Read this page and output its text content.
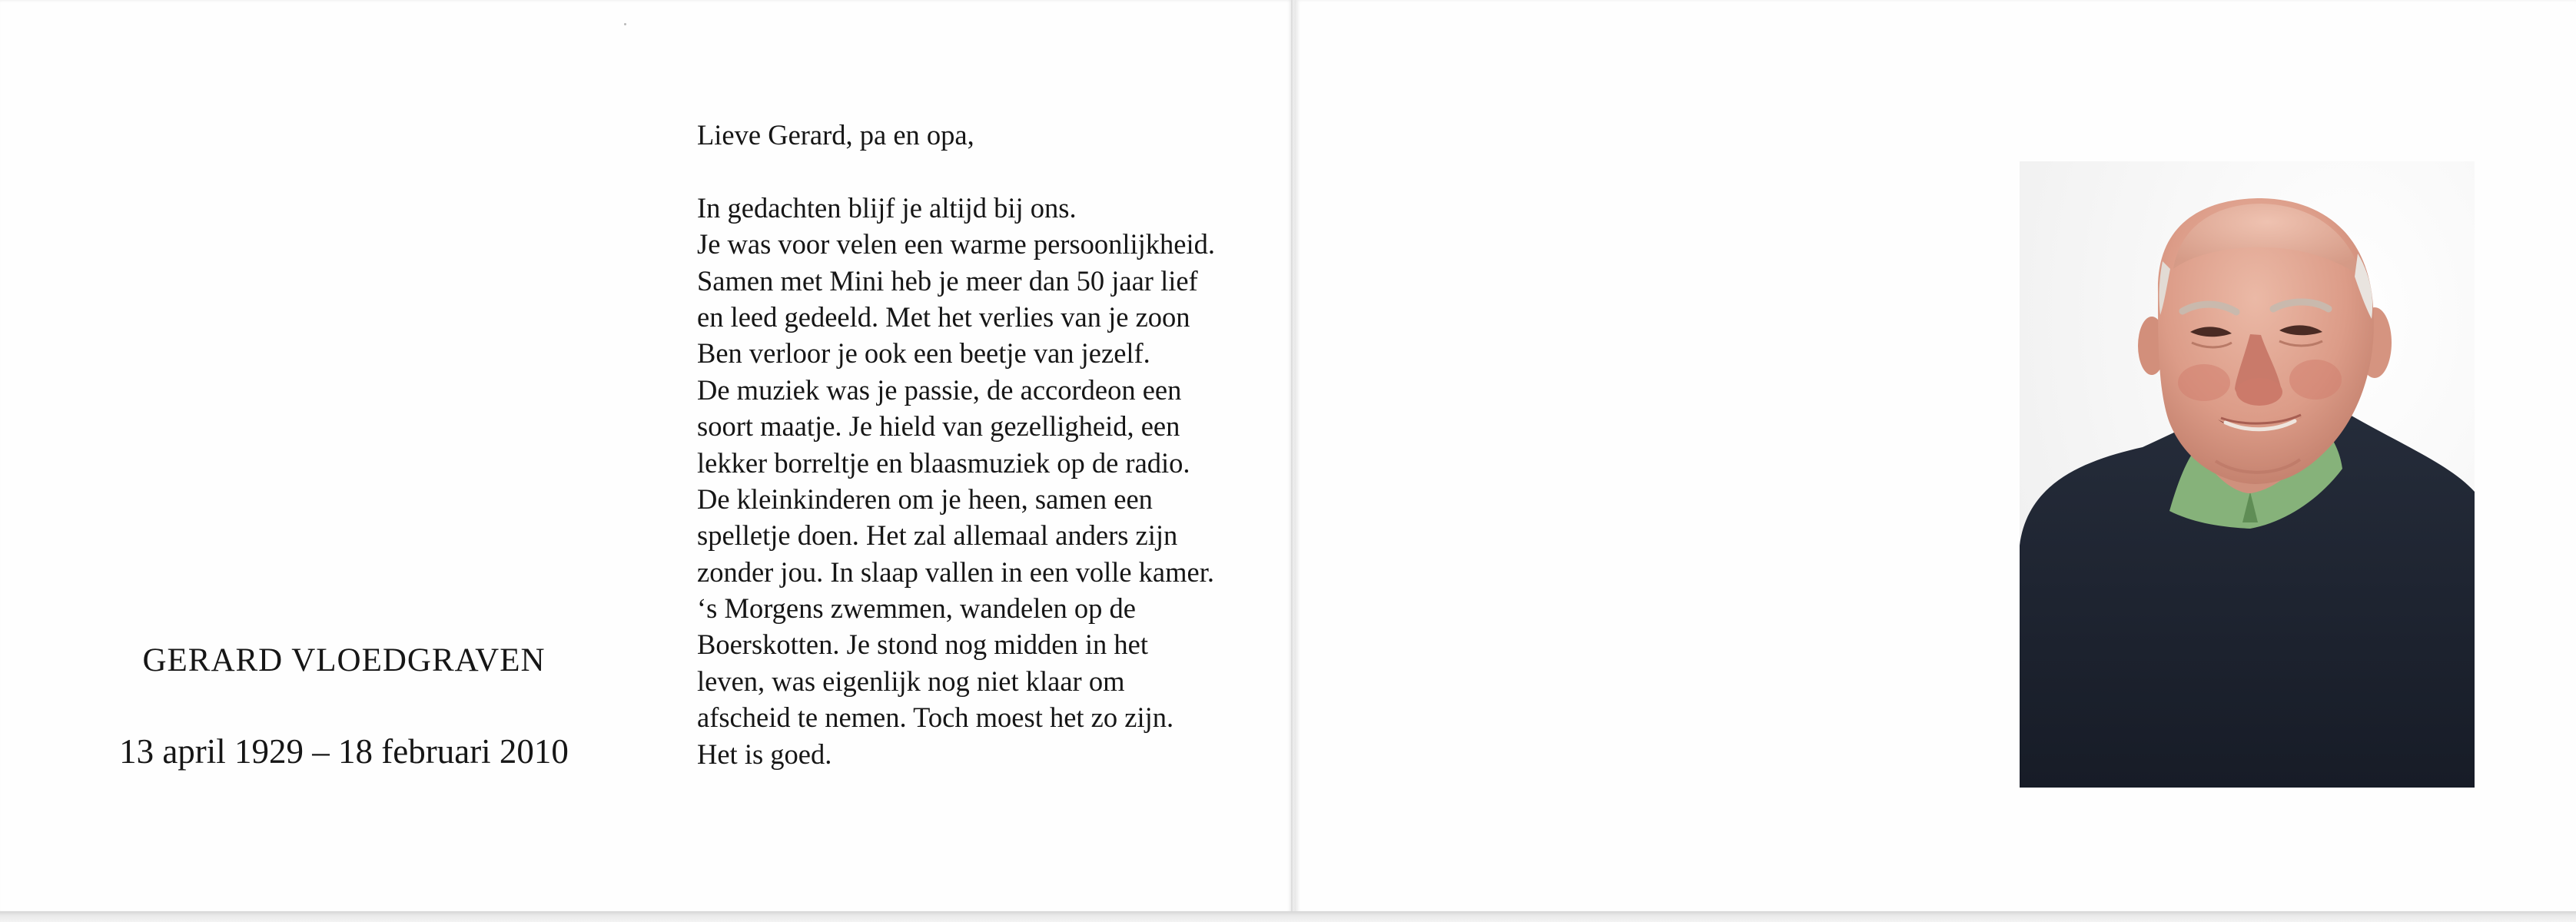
GERARD VLOEDGRAVEN
13 april 1929 – 18 februari 2010
Lieve Gerard, pa en opa,
In gedachten blijf je altijd bij ons.
Je was voor velen een warme persoonlijkheid.
Samen met Mini heb je meer dan 50 jaar lief
en leed gedeeld. Met het verlies van je zoon
Ben verloor je ook een beetje van jezelf.
De muziek was je passie, de accordeon een
soort maatje. Je hield van gezelligheid, een
lekker borreltje en blaasmuziek op de radio.
De kleinkinderen om je heen, samen een
spelletje doen. Het zal allemaal anders zijn
zonder jou. In slaap vallen in een volle kamer.
‘s Morgens zwemmen, wandelen op de
Boerskotten. Je stond nog midden in het
leven, was eigenlijk nog niet klaar om
afscheid te nemen. Toch moest het zo zijn.
Het is goed.
